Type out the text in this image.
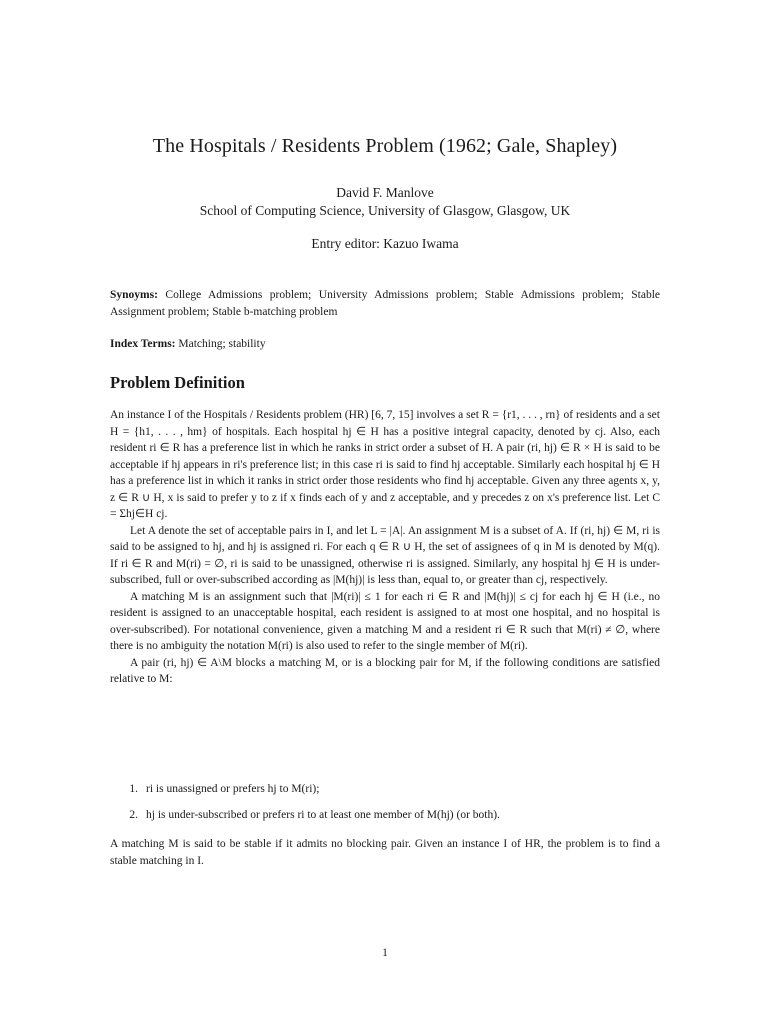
The Hospitals / Residents Problem (1962; Gale, Shapley)
David F. Manlove
School of Computing Science, University of Glasgow, Glasgow, UK
Entry editor: Kazuo Iwama
Synoyms: College Admissions problem; University Admissions problem; Stable Admissions problem; Stable Assignment problem; Stable b-matching problem
Index Terms: Matching; stability
Problem Definition

An instance I of the Hospitals / Residents problem (HR) [6, 7, 15] involves a set R = {r1, . . . , rn} of residents and a set H = {h1, . . . , hm} of hospitals. Each hospital hj ∈ H has a positive integral capacity, denoted by cj. Also, each resident ri ∈ R has a preference list in which he ranks in strict order a subset of H. A pair (ri, hj) ∈ R × H is said to be acceptable if hj appears in ri's preference list; in this case ri is said to find hj acceptable. Similarly each hospital hj ∈ H has a preference list in which it ranks in strict order those residents who find hj acceptable. Given any three agents x, y, z ∈ R ∪ H, x is said to prefer y to z if x finds each of y and z acceptable, and y precedes z on x's preference list. Let C = Σhj∈H cj.

Let A denote the set of acceptable pairs in I, and let L = |A|. An assignment M is a subset of A. If (ri, hj) ∈ M, ri is said to be assigned to hj, and hj is assigned ri. For each q ∈ R ∪ H, the set of assignees of q in M is denoted by M(q). If ri ∈ R and M(ri) = ∅, ri is said to be unassigned, otherwise ri is assigned. Similarly, any hospital hj ∈ H is under-subscribed, full or over-subscribed according as |M(hj)| is less than, equal to, or greater than cj, respectively.

A matching M is an assignment such that |M(ri)| ≤ 1 for each ri ∈ R and |M(hj)| ≤ cj for each hj ∈ H (i.e., no resident is assigned to an unacceptable hospital, each resident is assigned to at most one hospital, and no hospital is over-subscribed). For notational convenience, given a matching M and a resident ri ∈ R such that M(ri) ≠ ∅, where there is no ambiguity the notation M(ri) is also used to refer to the single member of M(ri).

A pair (ri, hj) ∈ A\M blocks a matching M, or is a blocking pair for M, if the following conditions are satisfied relative to M:

1. ri is unassigned or prefers hj to M(ri);
2. hj is under-subscribed or prefers ri to at least one member of M(hj) (or both).
A matching M is said to be stable if it admits no blocking pair. Given an instance I of HR, the problem is to find a stable matching in I.
1
